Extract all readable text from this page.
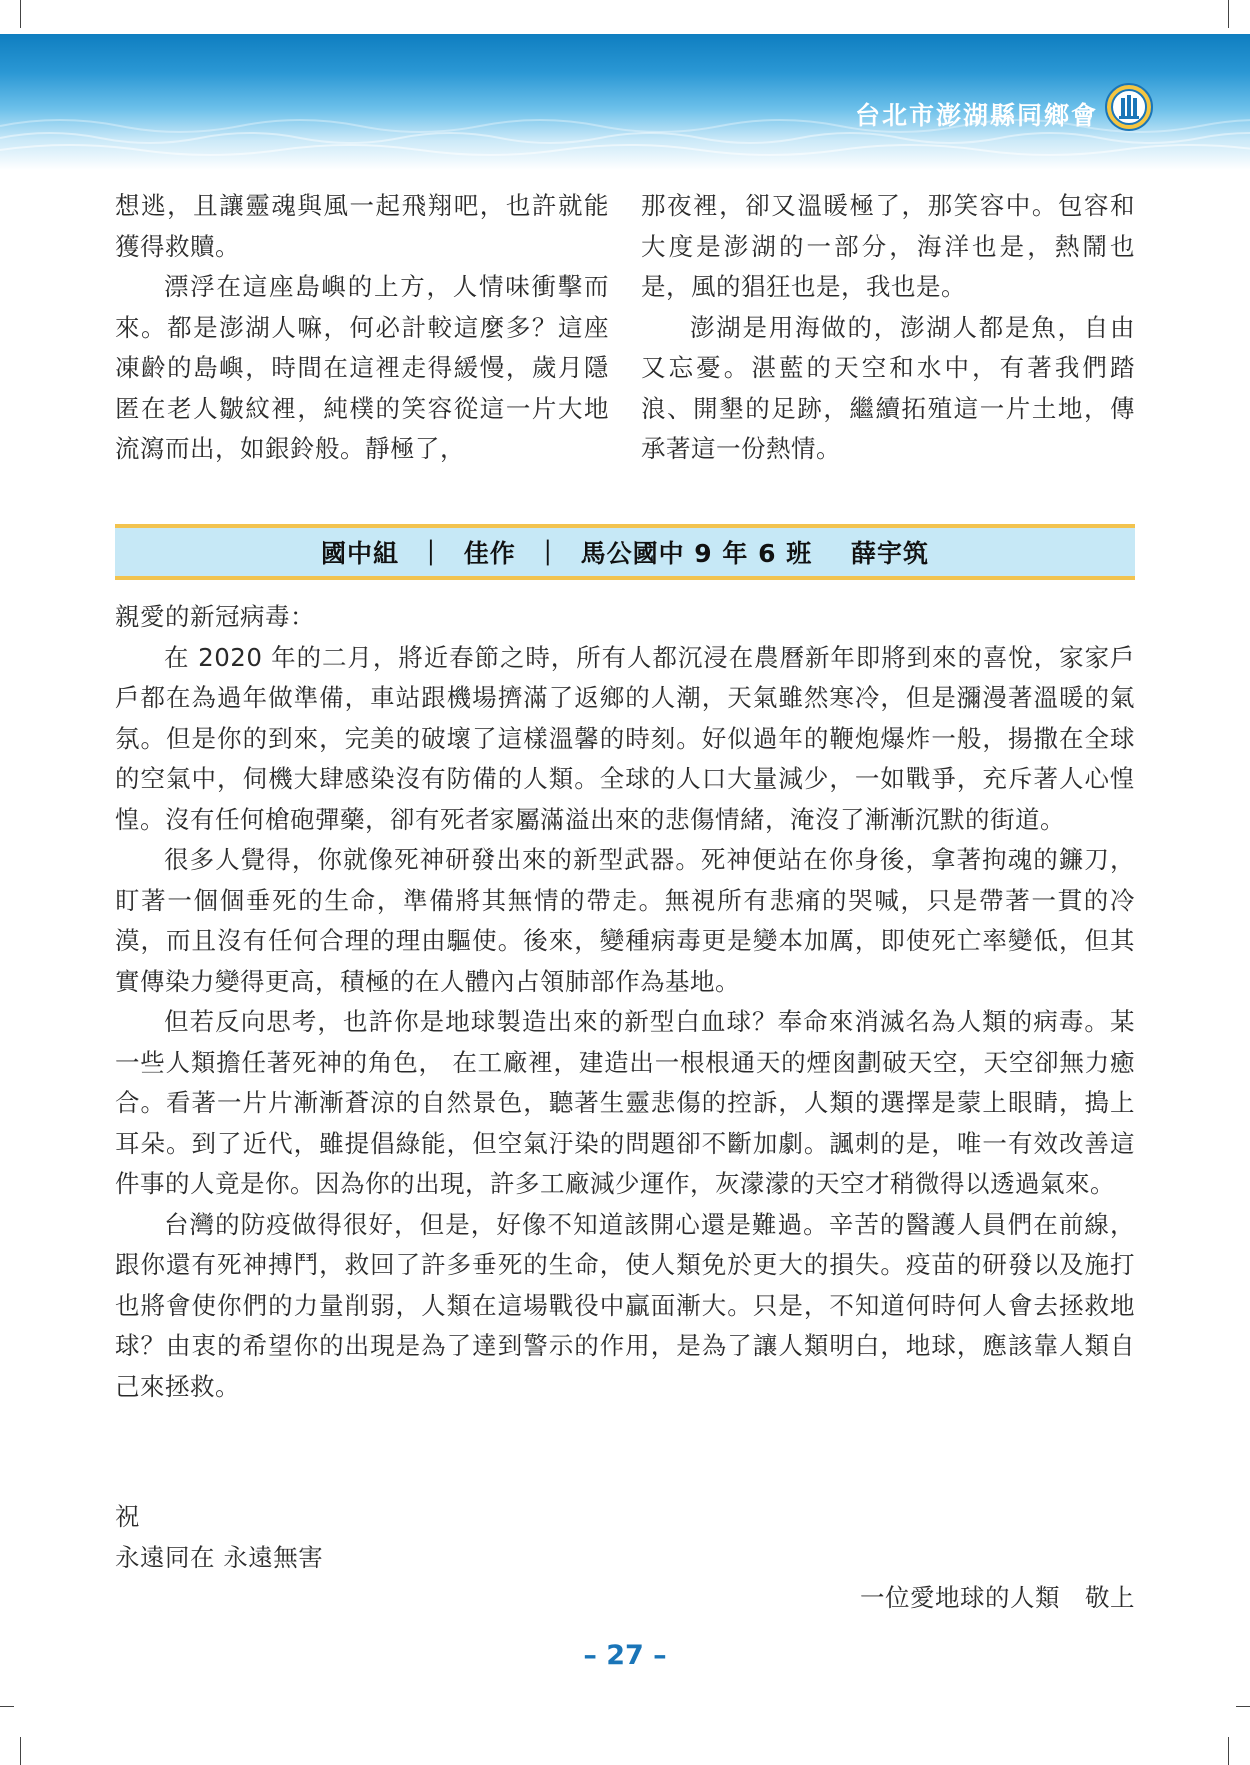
台北市澎湖縣同鄉會

想逃，且讓靈魂與風一起飛翔吧，也許就能獲得救贖。

漂浮在這座島嶼的上方，人情味衝擊而來。都是澎湖人嘛，何必計較這麼多？這座凍齡的島嶼，時間在這裡走得緩慢，歲月隱匿在老人皺紋裡，純樸的笑容從這一片大地流瀉而出，如銀鈴般。靜極了，

那夜裡，卻又溫暖極了，那笑容中。包容和大度是澎湖的一部分，海洋也是，熱鬧也是，風的猖狂也是，我也是。

澎湖是用海做的，澎湖人都是魚，自由又忘憂。湛藍的天空和水中，有著我們踏浪、開墾的足跡，繼續拓殖這一片土地，傳承著這一份熱情。

國中組  ｜  佳作  ｜  馬公國中 9 年 6 班    薛宇筑

親愛的新冠病毒：

在 2020 年的二月，將近春節之時，所有人都沉浸在農曆新年即將到來的喜悅，家家戶戶都在為過年做準備，車站跟機場擠滿了返鄉的人潮，天氣雖然寒冷，但是瀰漫著溫暖的氣氛。但是你的到來，完美的破壞了這樣溫馨的時刻。好似過年的鞭炮爆炸一般，揚撒在全球的空氣中，伺機大肆感染沒有防備的人類。全球的人口大量減少，一如戰爭，充斥著人心惶惶。沒有任何槍砲彈藥，卻有死者家屬滿溢出來的悲傷情緒，淹沒了漸漸沉默的街道。

很多人覺得，你就像死神研發出來的新型武器。死神便站在你身後，拿著拘魂的鐮刀，盯著一個個垂死的生命，準備將其無情的帶走。無視所有悲痛的哭喊，只是帶著一貫的冷漠，而且沒有任何合理的理由驅使。後來，變種病毒更是變本加厲，即使死亡率變低，但其實傳染力變得更高，積極的在人體內占領肺部作為基地。

但若反向思考，也許你是地球製造出來的新型白血球？奉命來消滅名為人類的病毒。某一些人類擔任著死神的角色， 在工廠裡，建造出一根根通天的煙囪劃破天空，天空卻無力癒合。看著一片片漸漸蒼涼的自然景色，聽著生靈悲傷的控訴，人類的選擇是蒙上眼睛，搗上耳朵。到了近代，雖提倡綠能，但空氣汙染的問題卻不斷加劇。諷刺的是，唯一有效改善這件事的人竟是你。因為你的出現，許多工廠減少運作，灰濛濛的天空才稍微得以透過氣來。

台灣的防疫做得很好，但是，好像不知道該開心還是難過。辛苦的醫護人員們在前線，跟你還有死神搏鬥，救回了許多垂死的生命，使人類免於更大的損失。疫苗的研發以及施打也將會使你們的力量削弱，人類在這場戰役中贏面漸大。只是，不知道何時何人會去拯救地球？由衷的希望你的出現是為了達到警示的作用，是為了讓人類明白，地球，應該靠人類自己來拯救。

祝

永遠同在 永遠無害

一位愛地球的人類　敬上
– 27 –
